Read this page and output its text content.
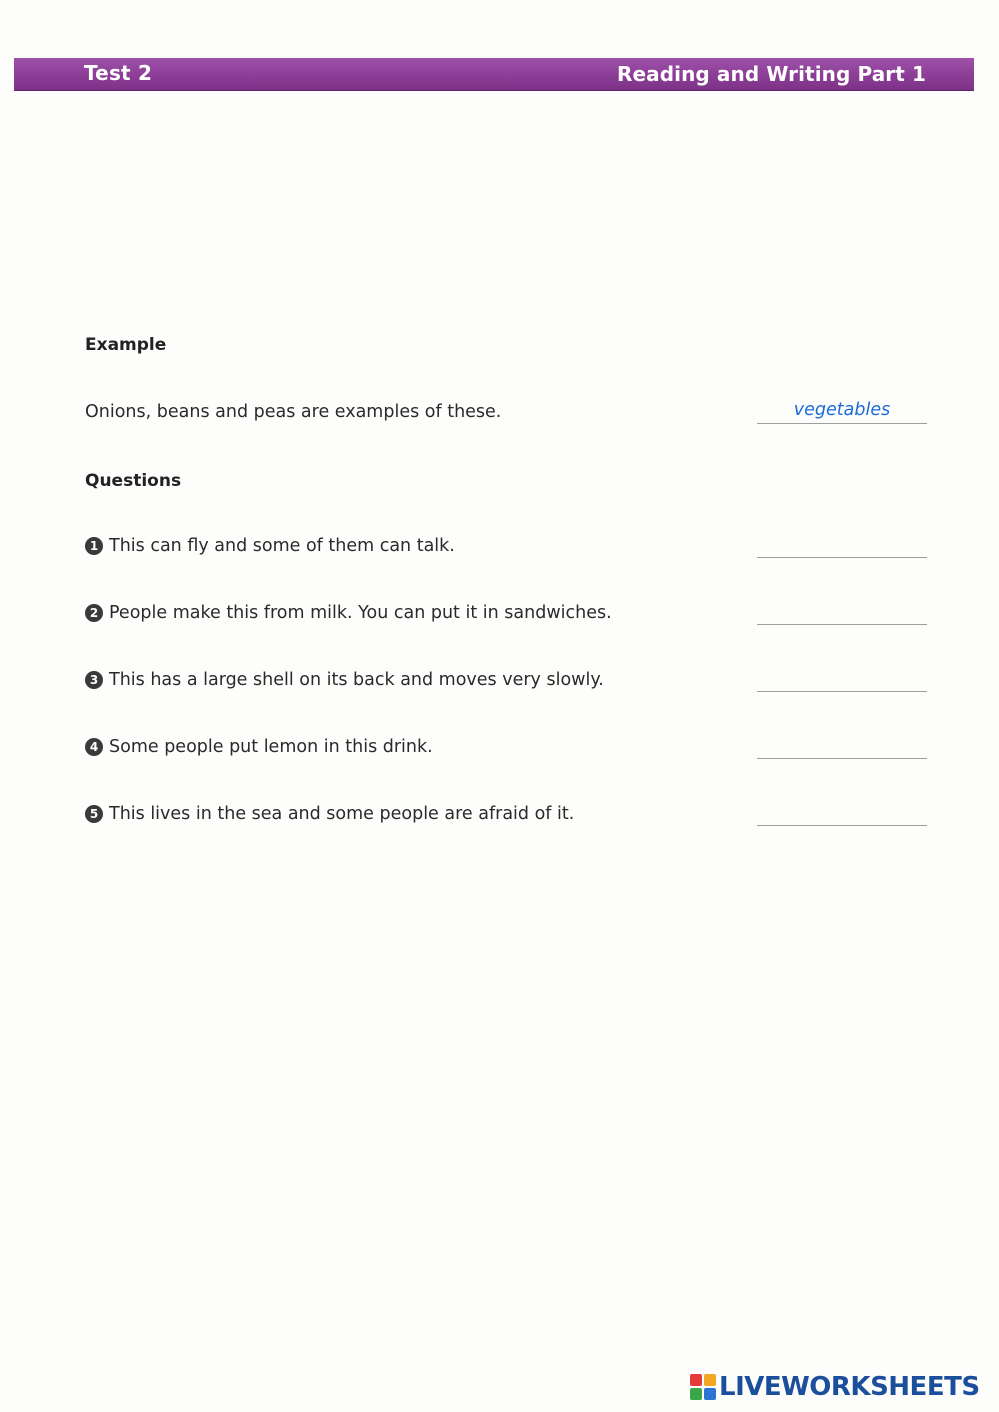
Test 2	Reading and Writing Part 1
Example
Onions, beans and peas are examples of these.	vegetables
Questions
1 This can fly and some of them can talk.
2 People make this from milk. You can put it in sandwiches.
3 This has a large shell on its back and moves very slowly.
4 Some people put lemon in this drink.
5 This lives in the sea and some people are afraid of it.
LIVEWORKSHEETS
